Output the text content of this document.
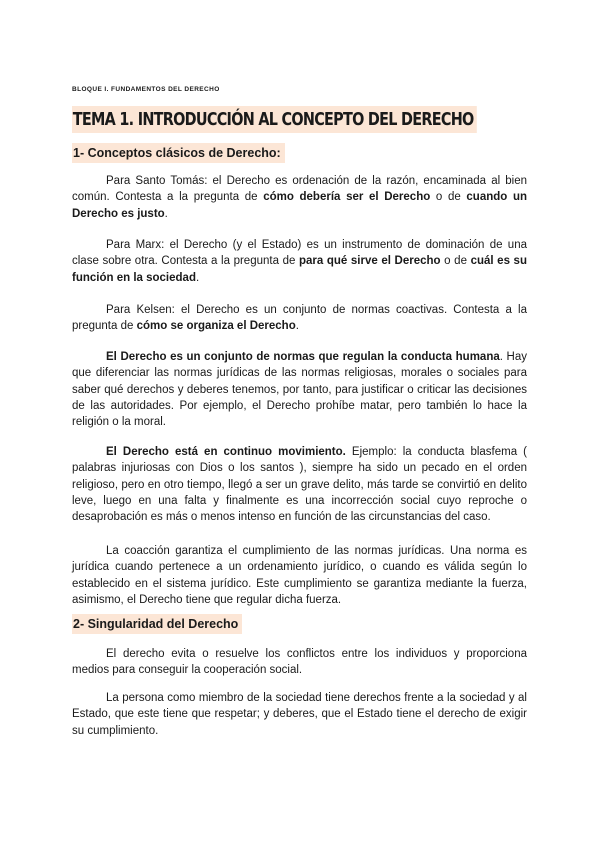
BLOQUE I. FUNDAMENTOS DEL DERECHO
TEMA 1. INTRODUCCIÓN AL CONCEPTO DEL DERECHO
1- Conceptos clásicos de Derecho:

Para Santo Tomás: el Derecho es ordenación de la razón, encaminada al bien común. Contesta a la pregunta de cómo debería ser el Derecho o de cuando un Derecho es justo.

Para Marx: el Derecho (y el Estado) es un instrumento de dominación de una clase sobre otra. Contesta a la pregunta de para qué sirve el Derecho o de cuál es su función en la sociedad.

Para Kelsen: el Derecho es un conjunto de normas coactivas. Contesta a la pregunta de cómo se organiza el Derecho.

El Derecho es un conjunto de normas que regulan la conducta humana. Hay que diferenciar las normas jurídicas de las normas religiosas, morales o sociales para saber qué derechos y deberes tenemos, por tanto, para justificar o criticar las decisiones de las autoridades. Por ejemplo, el Derecho prohíbe matar, pero también lo hace la religión o la moral.

El Derecho está en continuo movimiento. Ejemplo: la conducta blasfema ( palabras injuriosas con Dios o los santos ), siempre ha sido un pecado en el orden religioso, pero en otro tiempo, llegó a ser un grave delito, más tarde se convirtió en delito leve, luego en una falta y finalmente es una incorrección social cuyo reproche o desaprobación es más o menos intenso en función de las circunstancias del caso.

La coacción garantiza el cumplimiento de las normas jurídicas. Una norma es jurídica cuando pertenece a un ordenamiento jurídico, o cuando es válida según lo establecido en el sistema jurídico. Este cumplimiento se garantiza mediante la fuerza, asimismo, el Derecho tiene que regular dicha fuerza.

2- Singularidad del Derecho

El derecho evita o resuelve los conflictos entre los individuos y proporciona medios para conseguir la cooperación social.

La persona como miembro de la sociedad tiene derechos frente a la sociedad y al Estado, que este tiene que respetar; y deberes, que el Estado tiene el derecho de exigir su cumplimiento.
